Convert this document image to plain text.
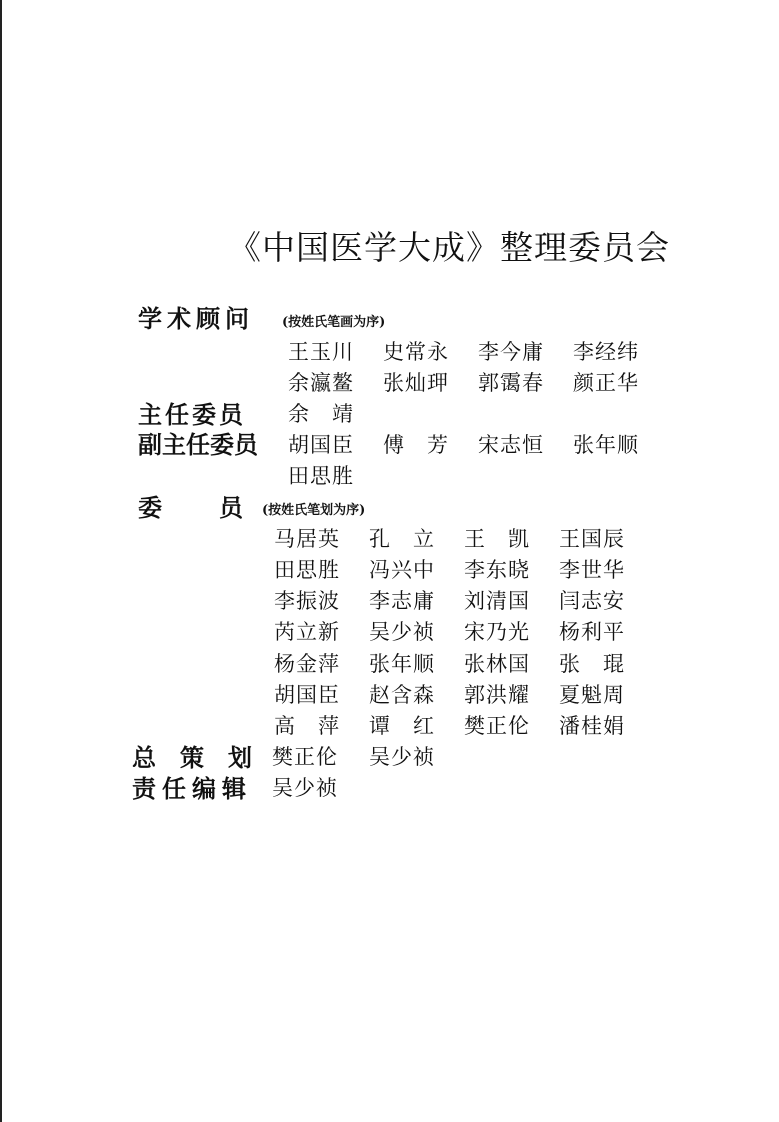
《中国医学大成》整理委员会
学术顾问 (按姓氏笔画为序)
王玉川 史常永 李今庸 李经纬
余瀛鳌 张灿玾 郭霭春 颜正华
主任委员 余　靖
副主任委员 胡国臣 傅　芳 宋志恒 张年顺
田思胜
委　　员 (按姓氏笔划为序)
马居英 孔　立 王　凯 王国辰
田思胜 冯兴中 李东晓 李世华
李振波 李志庸 刘清国 闫志安
芮立新 吴少祯 宋乃光 杨利平
杨金萍 张年顺 张林国 张　琨
胡国臣 赵含森 郭洪耀 夏魁周
高　萍 谭　红 樊正伦 潘桂娟
总　策　划 樊正伦 吴少祯
责任编辑 吴少祯
